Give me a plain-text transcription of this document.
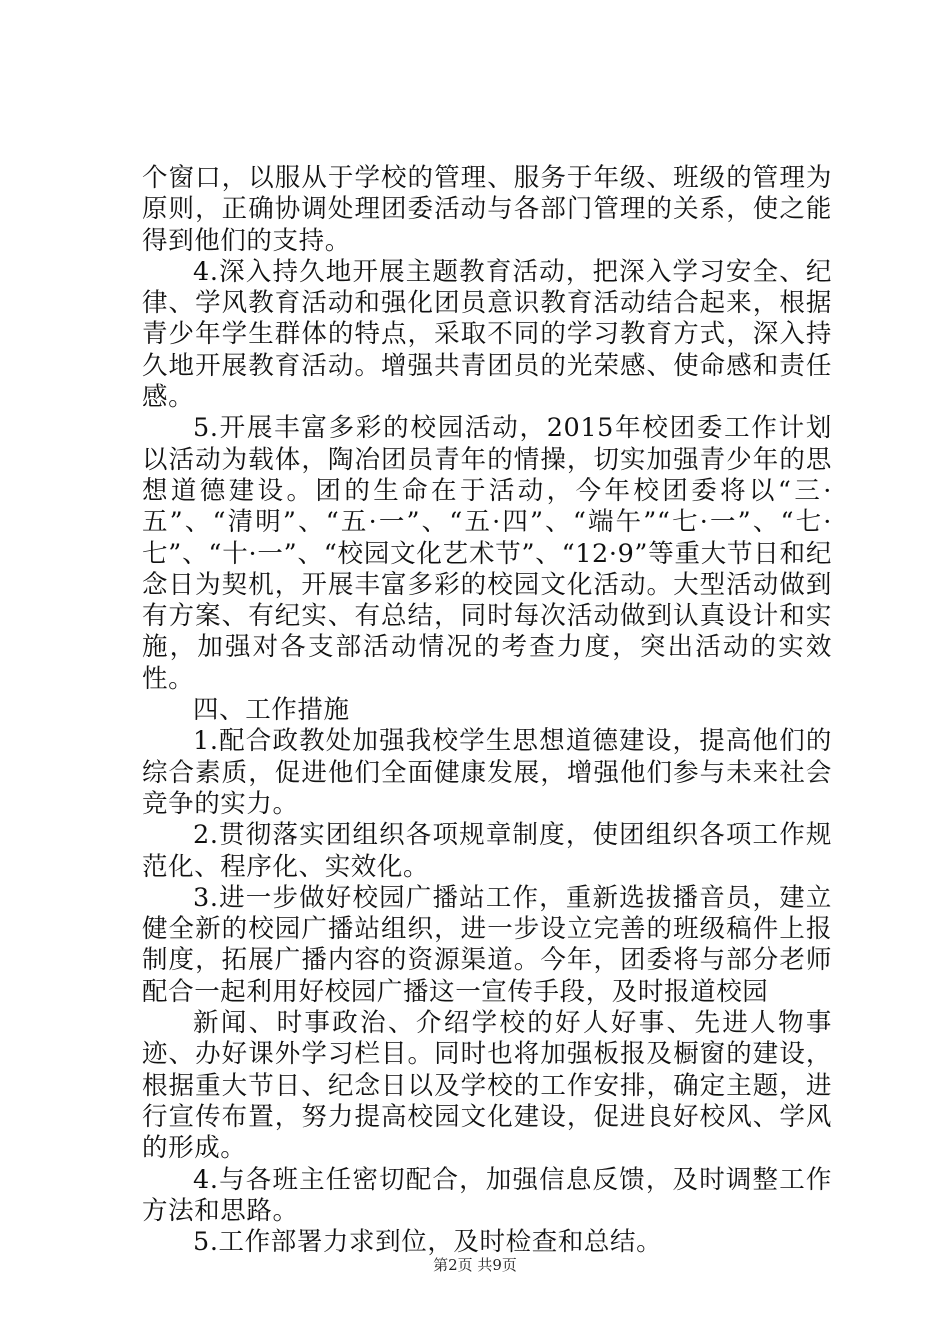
个窗口，以服从于学校的管理、服务于年级、班级的管理为原则，正确协调处理团委活动与各部门管理的关系，使之能得到他们的支持。

4.深入持久地开展主题教育活动，把深入学习安全、纪律、学风教育活动和强化团员意识教育活动结合起来，根据青少年学生群体的特点，采取不同的学习教育方式，深入持久地开展教育活动。增强共青团员的光荣感、使命感和责任感。

5.开展丰富多彩的校园活动，2015年校团委工作计划以活动为载体，陶冶团员青年的情操，切实加强青少年的思想道德建设。团的生命在于活动，今年校团委将以“三·五”、“清明”、“五·一”、“五·四”、“端午”“七·一”、“七·七”、“十·一”、“校园文化艺术节”、“12·9”等重大节日和纪念日为契机，开展丰富多彩的校园文化活动。大型活动做到有方案、有纪实、有总结，同时每次活动做到认真设计和实施，加强对各支部活动情况的考查力度，突出活动的实效性。

四、工作措施

1.配合政教处加强我校学生思想道德建设，提高他们的综合素质，促进他们全面健康发展，增强他们参与未来社会竞争的实力。

2.贯彻落实团组织各项规章制度，使团组织各项工作规范化、程序化、实效化。

3.进一步做好校园广播站工作，重新选拔播音员，建立健全新的校园广播站组织，进一步设立完善的班级稿件上报制度，拓展广播内容的资源渠道。今年，团委将与部分老师配合一起利用好校园广播这一宣传手段，及时报道校园

新闻、时事政治、介绍学校的好人好事、先进人物事迹、办好课外学习栏目。同时也将加强板报及橱窗的建设，根据重大节日、纪念日以及学校的工作安排，确定主题，进行宣传布置，努力提高校园文化建设，促进良好校风、学风的形成。

4.与各班主任密切配合，加强信息反馈，及时调整工作方法和思路。

5.工作部署力求到位，及时检查和总结。

第2页 共9页
